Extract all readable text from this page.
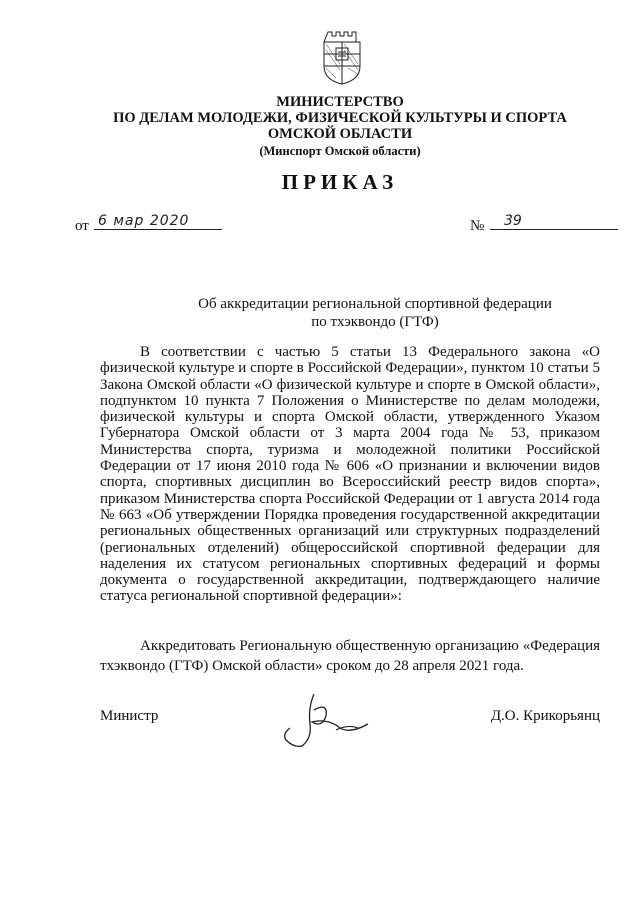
МИНИСТЕРСТВО
ПО ДЕЛАМ МОЛОДЕЖИ, ФИЗИЧЕСКОЙ КУЛЬТУРЫ И СПОРТА
ОМСКОЙ ОБЛАСТИ
(Минспорт Омской области)
ПРИКАЗ
от 6 мар 2020	№	39
Об аккредитации региональной спортивной федерации
по тхэквондо (ГТФ)

В соответствии с частью 5 статьи 13 Федерального закона «О физической культуре и спорте в Российской Федерации», пунктом 10 статьи 5 Закона Омской области «О физической культуре и спорте в Омской области», подпунктом 10 пункта 7 Положения о Министерстве по делам молодежи, физической культуры и спорта Омской области, утвержденного Указом Губернатора Омской области от 3 марта 2004 года № 53, приказом Министерства спорта, туризма и молодежной политики Российской Федерации от 17 июня 2010 года № 606 «О признании и включении видов спорта, спортивных дисциплин во Всероссийский реестр видов спорта», приказом Министерства спорта Российской Федерации от 1 августа 2014 года № 663 «Об утверждении Порядка проведения государственной аккредитации региональных общественных организаций или структурных подразделений (региональных отделений) общероссийской спортивной федерации для наделения их статусом региональных спортивных федераций и формы документа о государственной аккредитации, подтверждающего наличие статуса региональной спортивной федерации»:

Аккредитовать Региональную общественную организацию «Федерация тхэквондо (ГТФ) Омской области» сроком до 28 апреля 2021 года.

Министр	Д.О. Крикорьянц
